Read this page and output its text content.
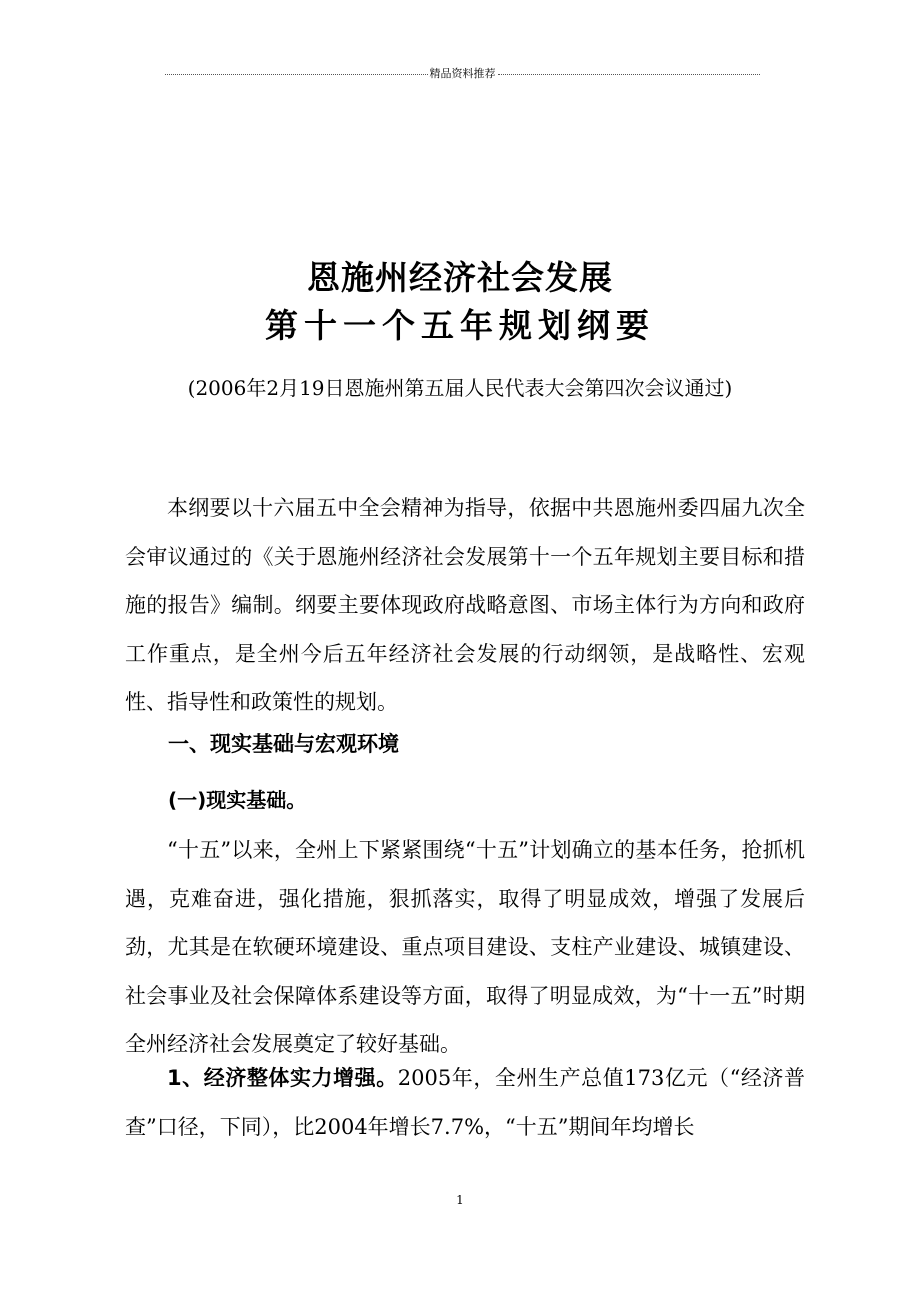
精品资料推荐
恩施州经济社会发展
第十一个五年规划纲要
(2006年2月19日恩施州第五届人民代表大会第四次会议通过)

本纲要以十六届五中全会精神为指导，依据中共恩施州委四届九次全会审议通过的《关于恩施州经济社会发展第十一个五年规划主要目标和措施的报告》编制。纲要主要体现政府战略意图、市场主体行为方向和政府工作重点，是全州今后五年经济社会发展的行动纲领，是战略性、宏观性、指导性和政策性的规划。

一、现实基础与宏观环境

(一)现实基础。

“十五”以来，全州上下紧紧围绕“十五”计划确立的基本任务，抢抓机遇，克难奋进，强化措施，狠抓落实，取得了明显成效，增强了发展后劲，尤其是在软硬环境建设、重点项目建设、支柱产业建设、城镇建设、社会事业及社会保障体系建设等方面，取得了明显成效，为“十一五”时期全州经济社会发展奠定了较好基础。

1、经济整体实力增强。2005年，全州生产总值173亿元（“经济普查”口径，下同），比2004年增长7.7%，“十五”期间年均增长

1
